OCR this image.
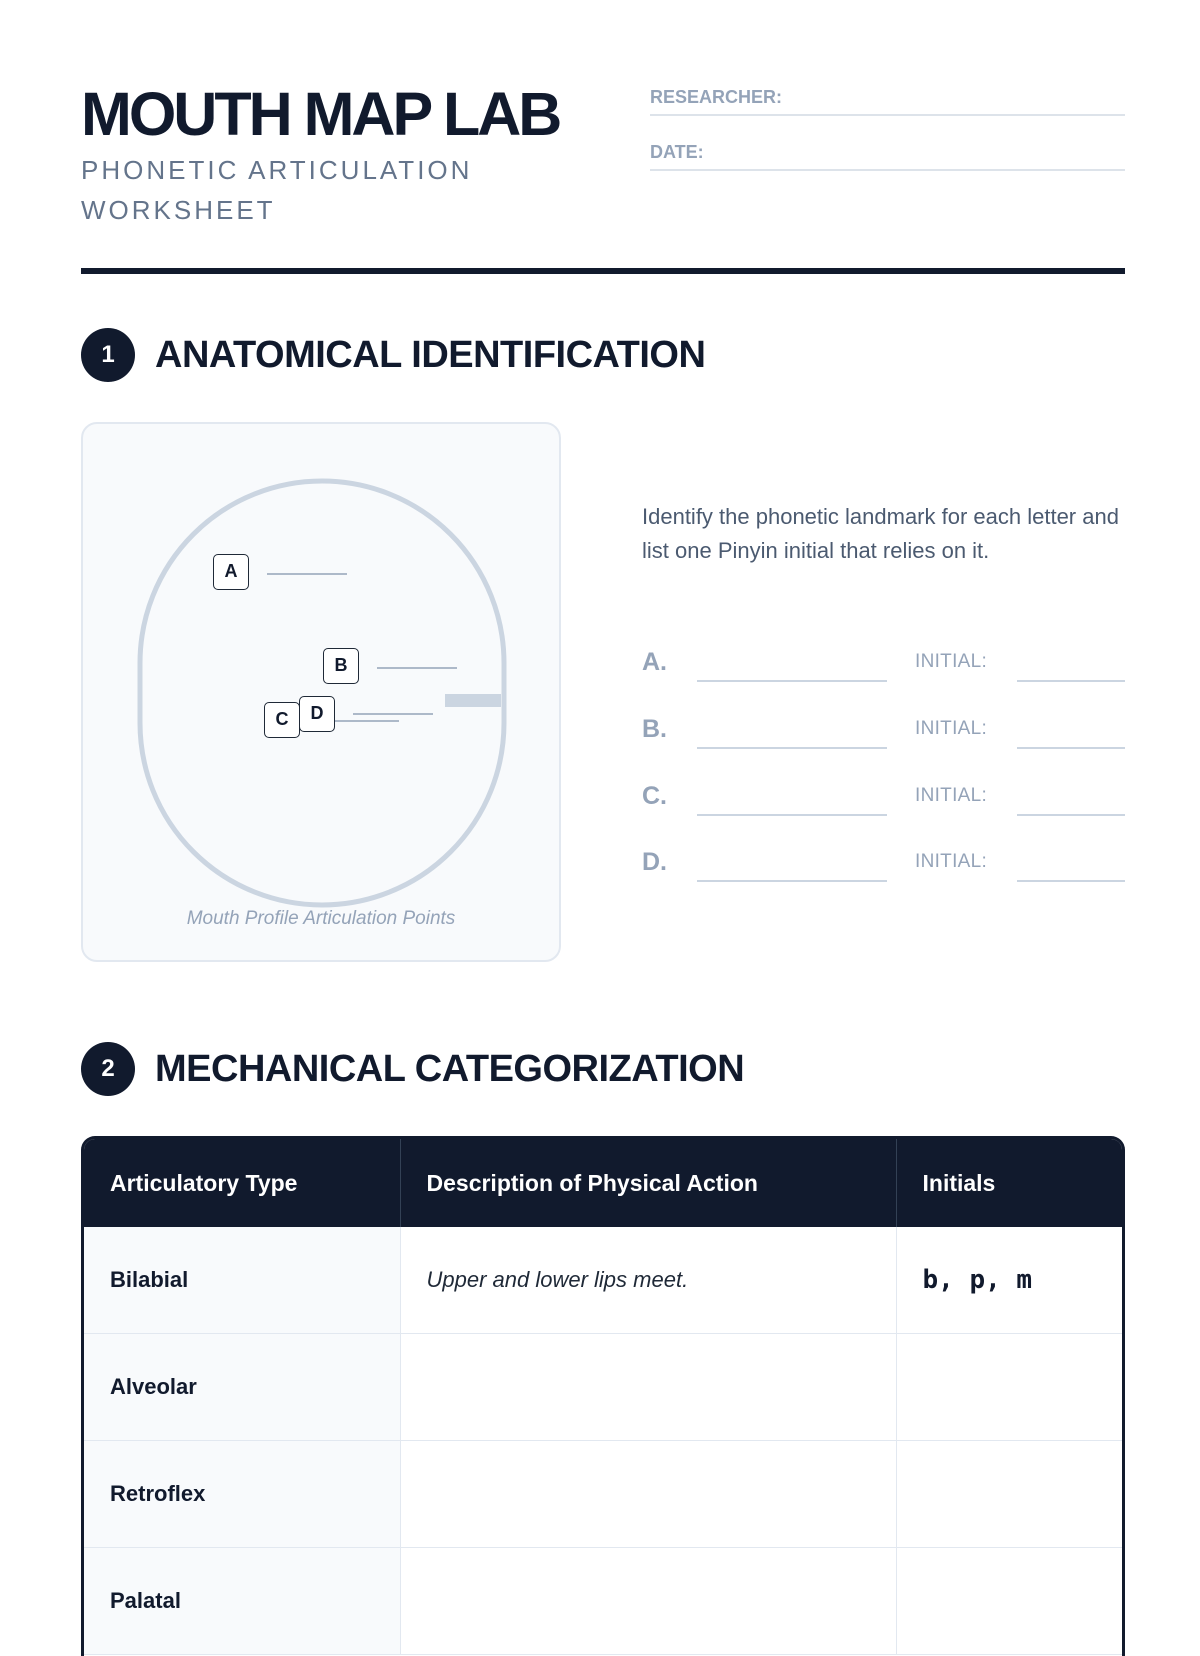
MOUTH MAP LAB

PHONETIC ARTICULATION WORKSHEET

RESEARCHER:
DATE:
1	ANATOMICAL IDENTIFICATION
A
B
C	D
Mouth Profile Articulation Points

Identify the phonetic landmark for each letter and list one Pinyin initial that relies on it.

A.	INITIAL:
B.	INITIAL:
C.	INITIAL:
D.	INITIAL:
2	MECHANICAL CATEGORIZATION
Articulatory Type	Description of Physical Action	Initials
Bilabial	Upper and lower lips meet.	b, p, m
Alveolar		
Retroflex		
Palatal		
